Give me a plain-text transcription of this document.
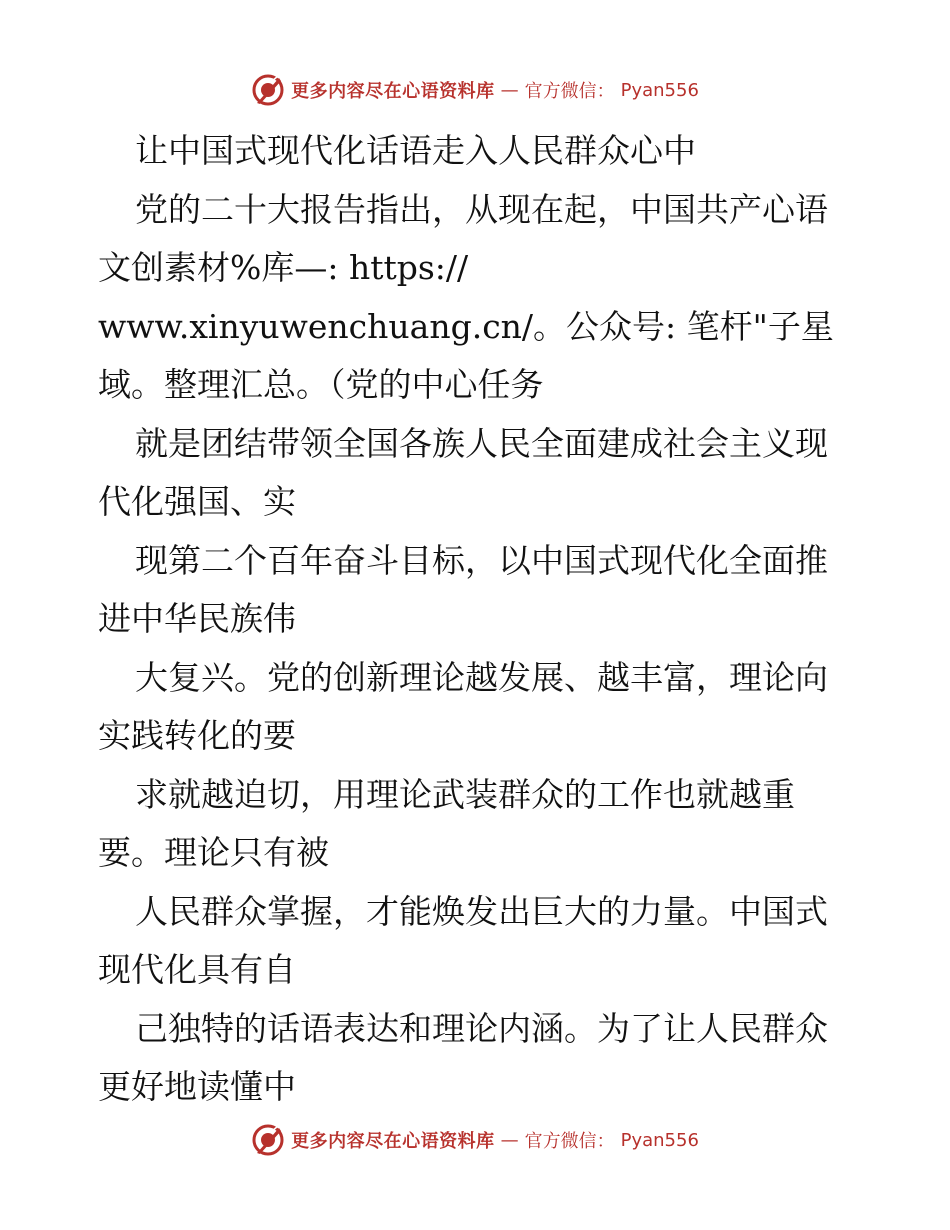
更多内容尽在心语资料库 — 官方微信： Pyan556
让中国式现代化话语走入人民群众心中
党的二十大报告指出，从现在起，中国共产心语
文创素材%库—: https://
www.xinyuwenchuang.cn/。公众号: 笔杆"子星
域。整理汇总。（党的中心任务
就是团结带领全国各族人民全面建成社会主义现
代化强国、实
现第二个百年奋斗目标，以中国式现代化全面推
进中华民族伟
大复兴。党的创新理论越发展、越丰富，理论向
实践转化的要
求就越迫切，用理论武装群众的工作也就越重
要。理论只有被
人民群众掌握，才能焕发出巨大的力量。中国式
现代化具有自
己独特的话语表达和理论内涵。为了让人民群众
更好地读懂中
更多内容尽在心语资料库 — 官方微信： Pyan556
